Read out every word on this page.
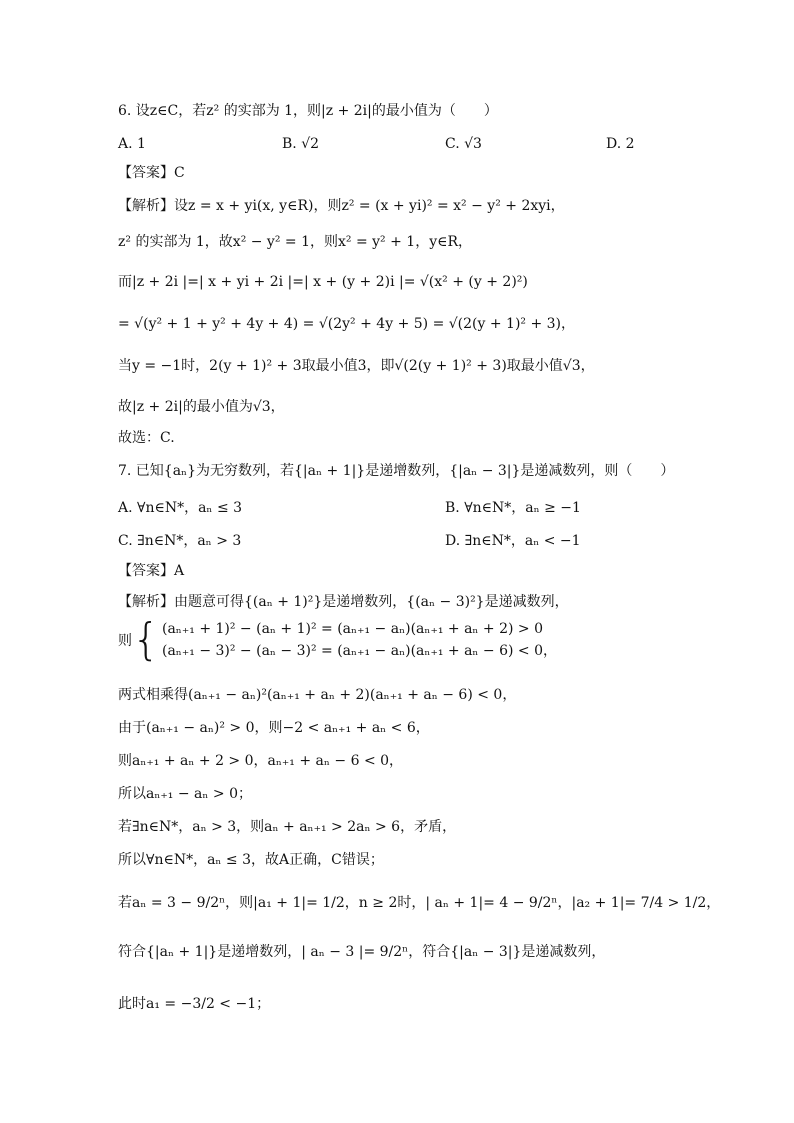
6. 设z∈C，若z² 的实部为 1，则|z + 2i|的最小值为（　　）
A. 1	B. √2	C. √3	D. 2
【答案】C
【解析】设z = x + yi(x, y∈R)，则z² = (x + yi)² = x² − y² + 2xyi，
z² 的实部为 1，故x² − y² = 1，则x² = y² + 1，y∈R，
而|z + 2i |=| x + yi + 2i |=| x + (y + 2)i |= √(x² + (y + 2)²)
= √(y² + 1 + y² + 4y + 4) = √(2y² + 4y + 5) = √(2(y + 1)² + 3)，
当y = −1时，2(y + 1)² + 3取最小值3，即√(2(y + 1)² + 3)取最小值√3，
故|z + 2i|的最小值为√3，
故选：C.
7. 已知{aₙ}为无穷数列，若{|aₙ + 1|}是递增数列，{|aₙ − 3|}是递减数列，则（　　）
A. ∀n∈N*，aₙ ≤ 3	B. ∀n∈N*，aₙ ≥ −1
C. ∃n∈N*，aₙ > 3	D. ∃n∈N*，aₙ < −1
【答案】A
【解析】由题意可得{(aₙ + 1)²}是递增数列，{(aₙ − 3)²}是递减数列，
则 { (aₙ₊₁ + 1)² − (aₙ + 1)² = (aₙ₊₁ − aₙ)(aₙ₊₁ + aₙ + 2) > 0
(aₙ₊₁ − 3)² − (aₙ − 3)² = (aₙ₊₁ − aₙ)(aₙ₊₁ + aₙ − 6) < 0，
两式相乘得(aₙ₊₁ − aₙ)²(aₙ₊₁ + aₙ + 2)(aₙ₊₁ + aₙ − 6) < 0，
由于(aₙ₊₁ − aₙ)² > 0，则−2 < aₙ₊₁ + aₙ < 6，
则aₙ₊₁ + aₙ + 2 > 0，aₙ₊₁ + aₙ − 6 < 0，
所以aₙ₊₁ − aₙ > 0；
若∃n∈N*，aₙ > 3，则aₙ + aₙ₊₁ > 2aₙ > 6，矛盾，
所以∀n∈N*，aₙ ≤ 3，故A正确，C错误；
若aₙ = 3 − 9/2ⁿ，则|a₁ + 1|= 1/2，n ≥ 2时，| aₙ + 1|= 4 − 9/2ⁿ，|a₂ + 1|= 7/4 > 1/2，
符合{|aₙ + 1|}是递增数列，| aₙ − 3 |= 9/2ⁿ，符合{|aₙ − 3|}是递减数列，
此时a₁ = −3/2 < −1；
